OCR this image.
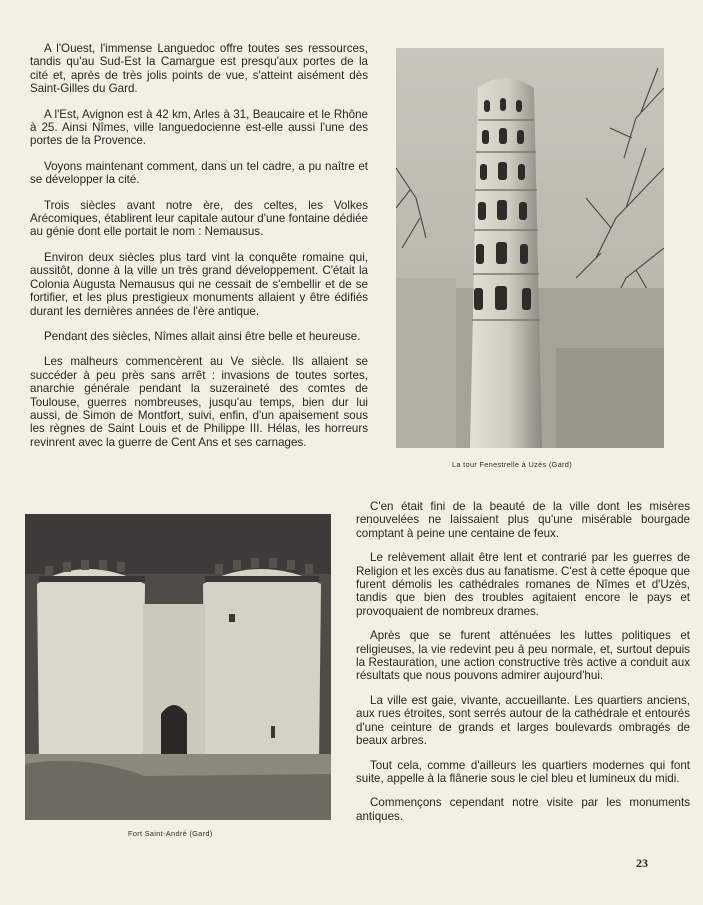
A l'Ouest, l'immense Languedoc offre toutes ses ressources, tandis qu'au Sud-Est la Camargue est presqu'aux portes de la cité et, après de très jolis points de vue, s'atteint aisément dès Saint-Gilles du Gard.

A l'Est, Avignon est à 42 km, Arles à 31, Beaucaire et le Rhône à 25. Ainsi Nîmes, ville languedocienne est-elle aussi l'une des portes de la Provence.

Voyons maintenant comment, dans un tel cadre, a pu naître et se développer la cité.

Trois siècles avant notre ère, des celtes, les Volkes Arécomiques, établirent leur capitale autour d'une fontaine dédiée au génie dont elle portait le nom : Nemausus.

Environ deux siècles plus tard vint la conquête romaine qui, aussitôt, donne à la ville un très grand développement. C'était la Colonia Augusta Nemausus qui ne cessait de s'embellir et de se fortifier, et les plus prestigieux monuments allaient y être édifiés durant les dernières années de l'ère antique.

Pendant des siècles, Nîmes allait ainsi être belle et heureuse.

Les malheurs commencèrent au Ve siècle. Ils allaient se succéder à peu près sans arrêt : invasions de toutes sortes, anarchie générale pendant la suzeraineté des comtes de Toulouse, guerres nombreuses, jusqu'au temps, bien dur lui aussi, de Simon de Montfort, suivi, enfin, d'un apaisement sous les règnes de Saint Louis et de Philippe III. Hélas, les horreurs revinrent avec la guerre de Cent Ans et ses carnages.

La tour Fenestrelle à Uzès (Gard)
Fort Saint-André (Gard)

C'en était fini de la beauté de la ville dont les misères renouvelées ne laissaient plus qu'une misérable bourgade comptant à peine une centaine de feux.

Le relèvement allait être lent et contrarié par les guerres de Religion et les excès dus au fanatisme. C'est à cette époque que furent démolis les cathédrales romanes de Nîmes et d'Uzès, tandis que bien des troubles agitaient encore le pays et provoquaient de nombreux drames.

Après que se furent atténuées les luttes politiques et religieuses, la vie redevint peu à peu normale, et, surtout depuis la Restauration, une action constructive très active a conduit aux résultats que nous pouvons admirer aujourd'hui.

La ville est gaie, vivante, accueillante. Les quartiers anciens, aux rues étroites, sont serrés autour de la cathédrale et entourés d'une ceinture de grands et larges boulevards ombragés de beaux arbres.

Tout cela, comme d'ailleurs les quartiers modernes qui font suite, appelle à la flânerie sous le ciel bleu et lumineux du midi.

Commençons cependant notre visite par les monuments antiques.

23
